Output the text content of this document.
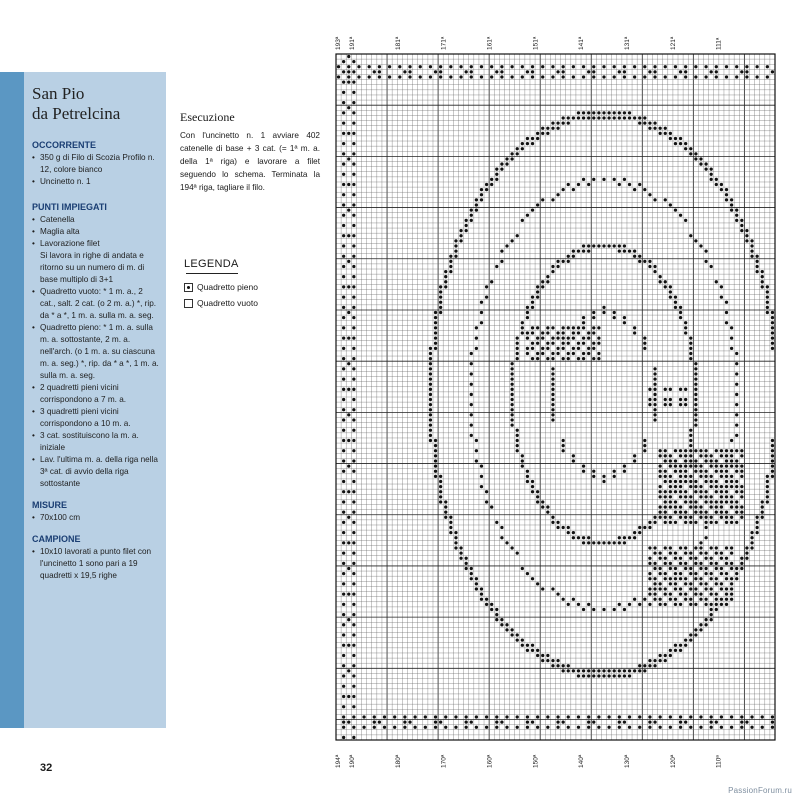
San Pio
da Petrelcina
OCCORRENTE
• 350 g di Filo di Scozia Profilo n. 12, colore bianco
• Uncinetto n. 1
PUNTI IMPIEGATI
• Catenella
• Maglia alta
• Lavorazione filet
Si lavora in righe di andata e ritorno su un numero di m. di base multiplo di 3+1
• Quadretto vuoto: * 1 m. a., 2 cat., salt. 2 cat. (o 2 m. a.) *, rip. da * a *, 1 m. a. sulla m. a. seg.
• Quadretto pieno: * 1 m. a. sulla m. a. sottostante, 2 m. a. nell'arch. (o 1 m. a. su ciascuna m. a. seg.) *, rip. da * a *, 1 m. a. sulla m. a. seg.
• 2 quadretti pieni vicini corrispondono a 7 m. a.
• 3 quadretti pieni vicini corrispondono a 10 m. a.
• 3 cat. sostituiscono la m. a. iniziale
• Lav. l'ultima m. a. della riga nella 3ª cat. di avvio della riga sottostante
MISURE
• 70x100 cm
CAMPIONE
• 10x10 lavorati a punto filet con l'uncinetto 1 sono pari a 19 quadretti x 19,5 righe
32
Esecuzione
Con l'uncinetto n. 1 avviare 402 catenelle di base + 3 cat. (= 1ª m. a. della 1ª riga) e lavorare a filet seguendo lo schema. Terminata la 194ª riga, tagliare il filo.
LEGENDA
Quadretto pieno
Quadretto vuoto
193ª 191ª	181ª	171ª	161ª	151ª	141ª	131ª	121ª	111ª
194ª 190ª	180ª	170ª	160ª	150ª	140ª	130ª	120ª	110ª
PassionForum.ru
